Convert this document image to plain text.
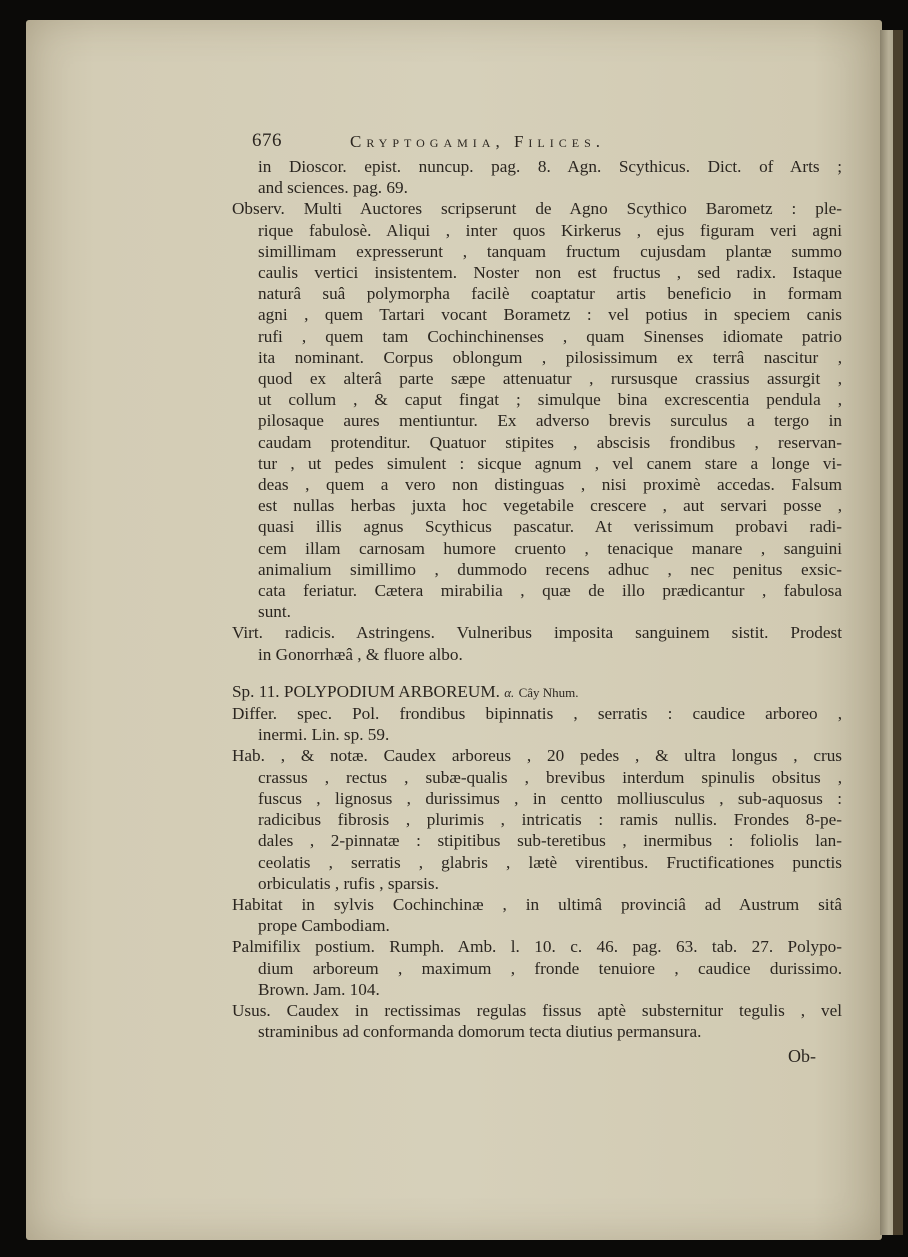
676	Cryptogamia, Filices.
in Dioscor. epist. nuncup. pag. 8. Agn. Scythicus. Dict. of Arts ;
and sciences. pag. 69.
Observ. Multi Auctores scripserunt de Agno Scythico Barometz : ple-
rique fabulosè. Aliqui , inter quos Kirkerus , ejus figuram veri agni
simillimam expresserunt , tanquam fructum cujusdam plantæ summo
caulis vertici insistentem. Noster non est fructus , sed radix. Istaque
naturâ suâ polymorpha facilè coaptatur artis beneficio in formam
agni , quem Tartari vocant Borametz : vel potius in speciem canis
rufi , quem tam Cochinchinenses , quam Sinenses idiomate patrio
ita nominant. Corpus oblongum , pilosissimum ex terrâ nascitur ,
quod ex alterâ parte sæpe attenuatur , rursusque crassius assurgit ,
ut collum , & caput fingat ; simulque bina excrescentia pendula ,
pilosaque aures mentiuntur. Ex adverso brevis surculus a tergo in
caudam protenditur. Quatuor stipites , abscisis frondibus , reservan-
tur , ut pedes simulent : sicque agnum , vel canem stare a longe vi-
deas , quem a vero non distinguas , nisi proximè accedas. Falsum
est nullas herbas juxta hoc vegetabile crescere , aut servari posse ,
quasi illis agnus Scythicus pascatur. At verissimum probavi radi-
cem illam carnosam humore cruento , tenacique manare , sanguini
animalium simillimo , dummodo recens adhuc , nec penitus exsic-
cata feriatur. Cætera mirabilia , quæ de illo prædicantur , fabulosa
sunt.
Virt. radicis. Astringens. Vulneribus imposita sanguinem sistit. Prodest
in Gonorrhæâ , & fluore albo.
Sp. 11. POLYPODIUM ARBOREUM. α. Cây Nhum.
Differ. spec. Pol. frondibus bipinnatis , serratis : caudice arboreo ,
inermi. Lin. sp. 59.
Hab. , & notæ. Caudex arboreus , 20 pedes , & ultra longus , crus
crassus , rectus , subæ-qualis , brevibus interdum spinulis obsitus ,
fuscus , lignosus , durissimus , in centto molliusculus , sub-aquosus :
radicibus fibrosis , plurimis , intricatis : ramis nullis. Frondes 8-pe-
dales , 2-pinnatæ : stipitibus sub-teretibus , inermibus : foliolis lan-
ceolatis , serratis , glabris , lætè virentibus. Fructificationes punctis
orbiculatis , rufis , sparsis.
Habitat in sylvis Cochinchinæ , in ultimâ provinciâ ad Austrum sitâ
prope Cambodiam.
Palmifilix postium. Rumph. Amb. l. 10. c. 46. pag. 63. tab. 27. Polypo-
dium arboreum , maximum , fronde tenuiore , caudice durissimo.
Brown. Jam. 104.
Usus. Caudex in rectissimas regulas fissus aptè substernitur tegulis , vel
straminibus ad conformanda domorum tecta diutius permansura.
Ob-
